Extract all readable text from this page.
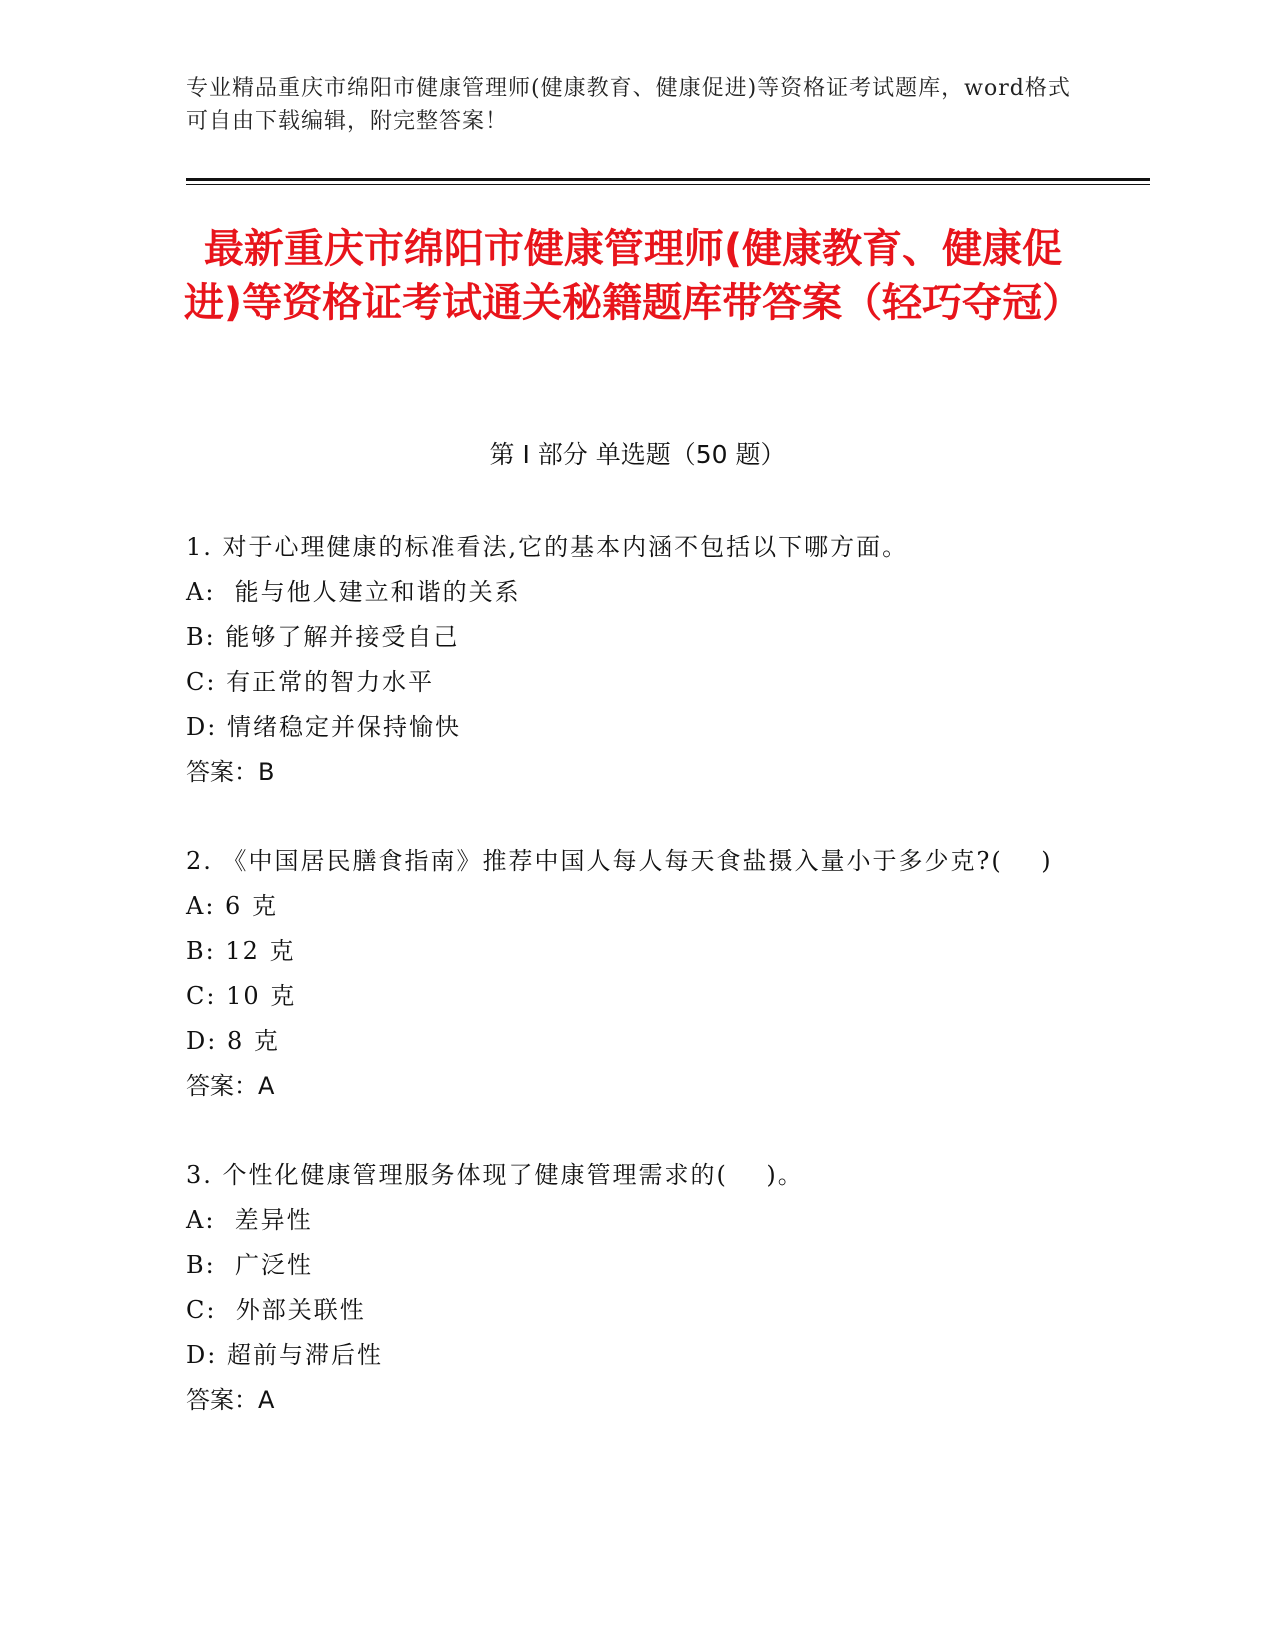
专业精品重庆市绵阳市健康管理师(健康教育、健康促进)等资格证考试题库，word格式可自由下载编辑，附完整答案！
最新重庆市绵阳市健康管理师(健康教育、健康促进)等资格证考试通关秘籍题库带答案（轻巧夺冠）
第 I 部分 单选题（50 题）
1. 对于心理健康的标准看法,它的基本内涵不包括以下哪方面。
A:  能与他人建立和谐的关系
B: 能够了解并接受自己
C: 有正常的智力水平
D: 情绪稳定并保持愉快
答案：B
2. 《中国居民膳食指南》推荐中国人每人每天食盐摄入量小于多少克?(    )
A: 6 克
B: 12 克
C: 10 克
D: 8 克
答案：A
3. 个性化健康管理服务体现了健康管理需求的(    )。
A:  差异性
B:  广泛性
C:  外部关联性
D: 超前与滞后性
答案：A
